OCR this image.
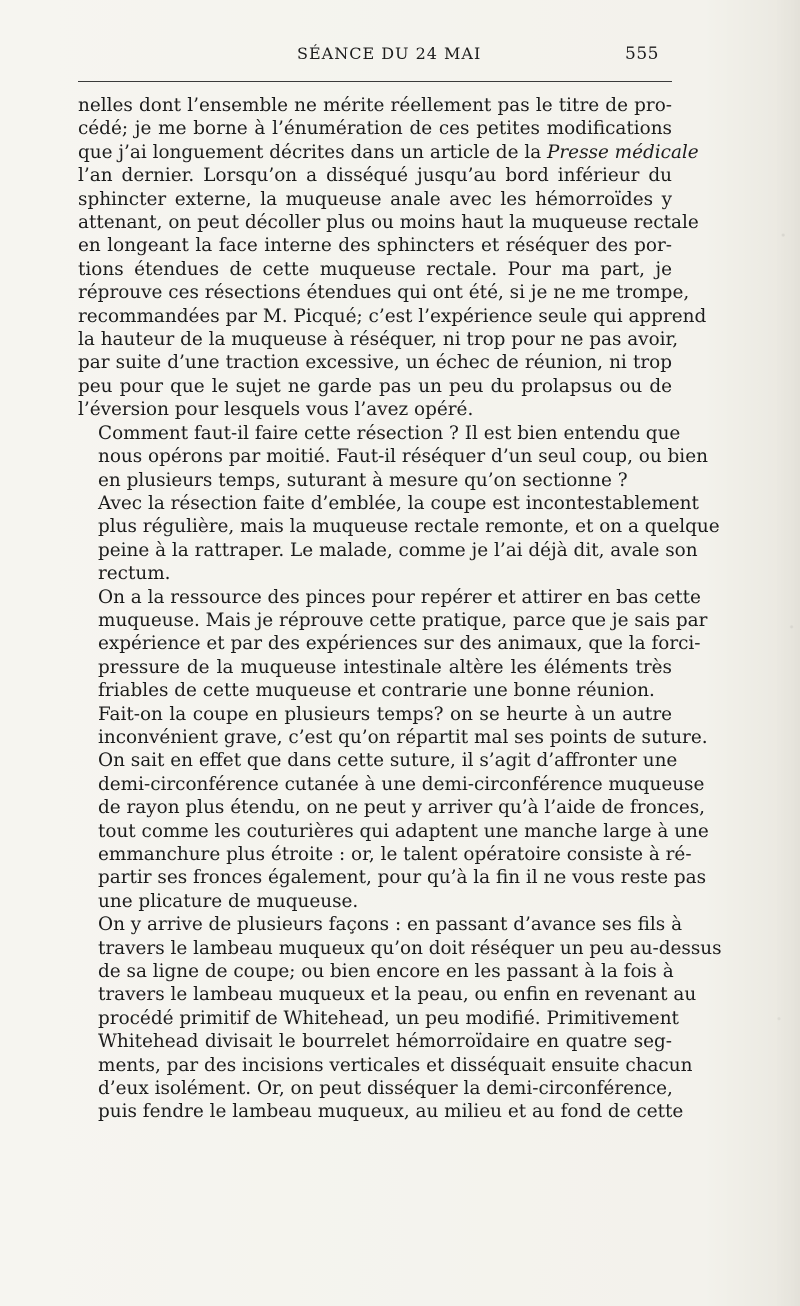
SÉANCE DU 24 MAI	555

nelles dont l’ensemble ne mérite réellement pas le titre de pro-
cédé; je me borne à l’énumération de ces petites modifications
que j’ai longuement décrites dans un article de la Presse médicale
l’an dernier. Lorsqu’on a disséqué jusqu’au bord inférieur du
sphincter externe, la muqueuse anale avec les hémorroïdes y
attenant, on peut décoller plus ou moins haut la muqueuse rectale
en longeant la face interne des sphincters et réséquer des por-
tions étendues de cette muqueuse rectale. Pour ma part, je
réprouve ces résections étendues qui ont été, si je ne me trompe,
recommandées par M. Picqué; c’est l’expérience seule qui apprend
la hauteur de la muqueuse à réséquer, ni trop pour ne pas avoir,
par suite d’une traction excessive, un échec de réunion, ni trop
peu pour que le sujet ne garde pas un peu du prolapsus ou de
l’éversion pour lesquels vous l’avez opéré.

Comment faut-il faire cette résection ? Il est bien entendu que
nous opérons par moitié. Faut-il réséquer d’un seul coup, ou bien
en plusieurs temps, suturant à mesure qu’on sectionne ?

Avec la résection faite d’emblée, la coupe est incontestablement
plus régulière, mais la muqueuse rectale remonte, et on a quelque
peine à la rattraper. Le malade, comme je l’ai déjà dit, avale son
rectum.

On a la ressource des pinces pour repérer et attirer en bas cette
muqueuse. Mais je réprouve cette pratique, parce que je sais par
expérience et par des expériences sur des animaux, que la forci-
pressure de la muqueuse intestinale altère les éléments très
friables de cette muqueuse et contrarie une bonne réunion.

Fait-on la coupe en plusieurs temps? on se heurte à un autre
inconvénient grave, c’est qu’on répartit mal ses points de suture.
On sait en effet que dans cette suture, il s’agit d’affronter une
demi-circonférence cutanée à une demi-circonférence muqueuse
de rayon plus étendu, on ne peut y arriver qu’à l’aide de fronces,
tout comme les couturières qui adaptent une manche large à une
emmanchure plus étroite : or, le talent opératoire consiste à ré-
partir ses fronces également, pour qu’à la fin il ne vous reste pas
une plicature de muqueuse.

On y arrive de plusieurs façons : en passant d’avance ses fils à
travers le lambeau muqueux qu’on doit réséquer un peu au-dessus
de sa ligne de coupe; ou bien encore en les passant à la fois à
travers le lambeau muqueux et la peau, ou enfin en revenant au
procédé primitif de Whitehead, un peu modifié. Primitivement
Whitehead divisait le bourrelet hémorroïdaire en quatre seg-
ments, par des incisions verticales et disséquait ensuite chacun
d’eux isolément. Or, on peut disséquer la demi-circonférence,
puis fendre le lambeau muqueux, au milieu et au fond de cette
